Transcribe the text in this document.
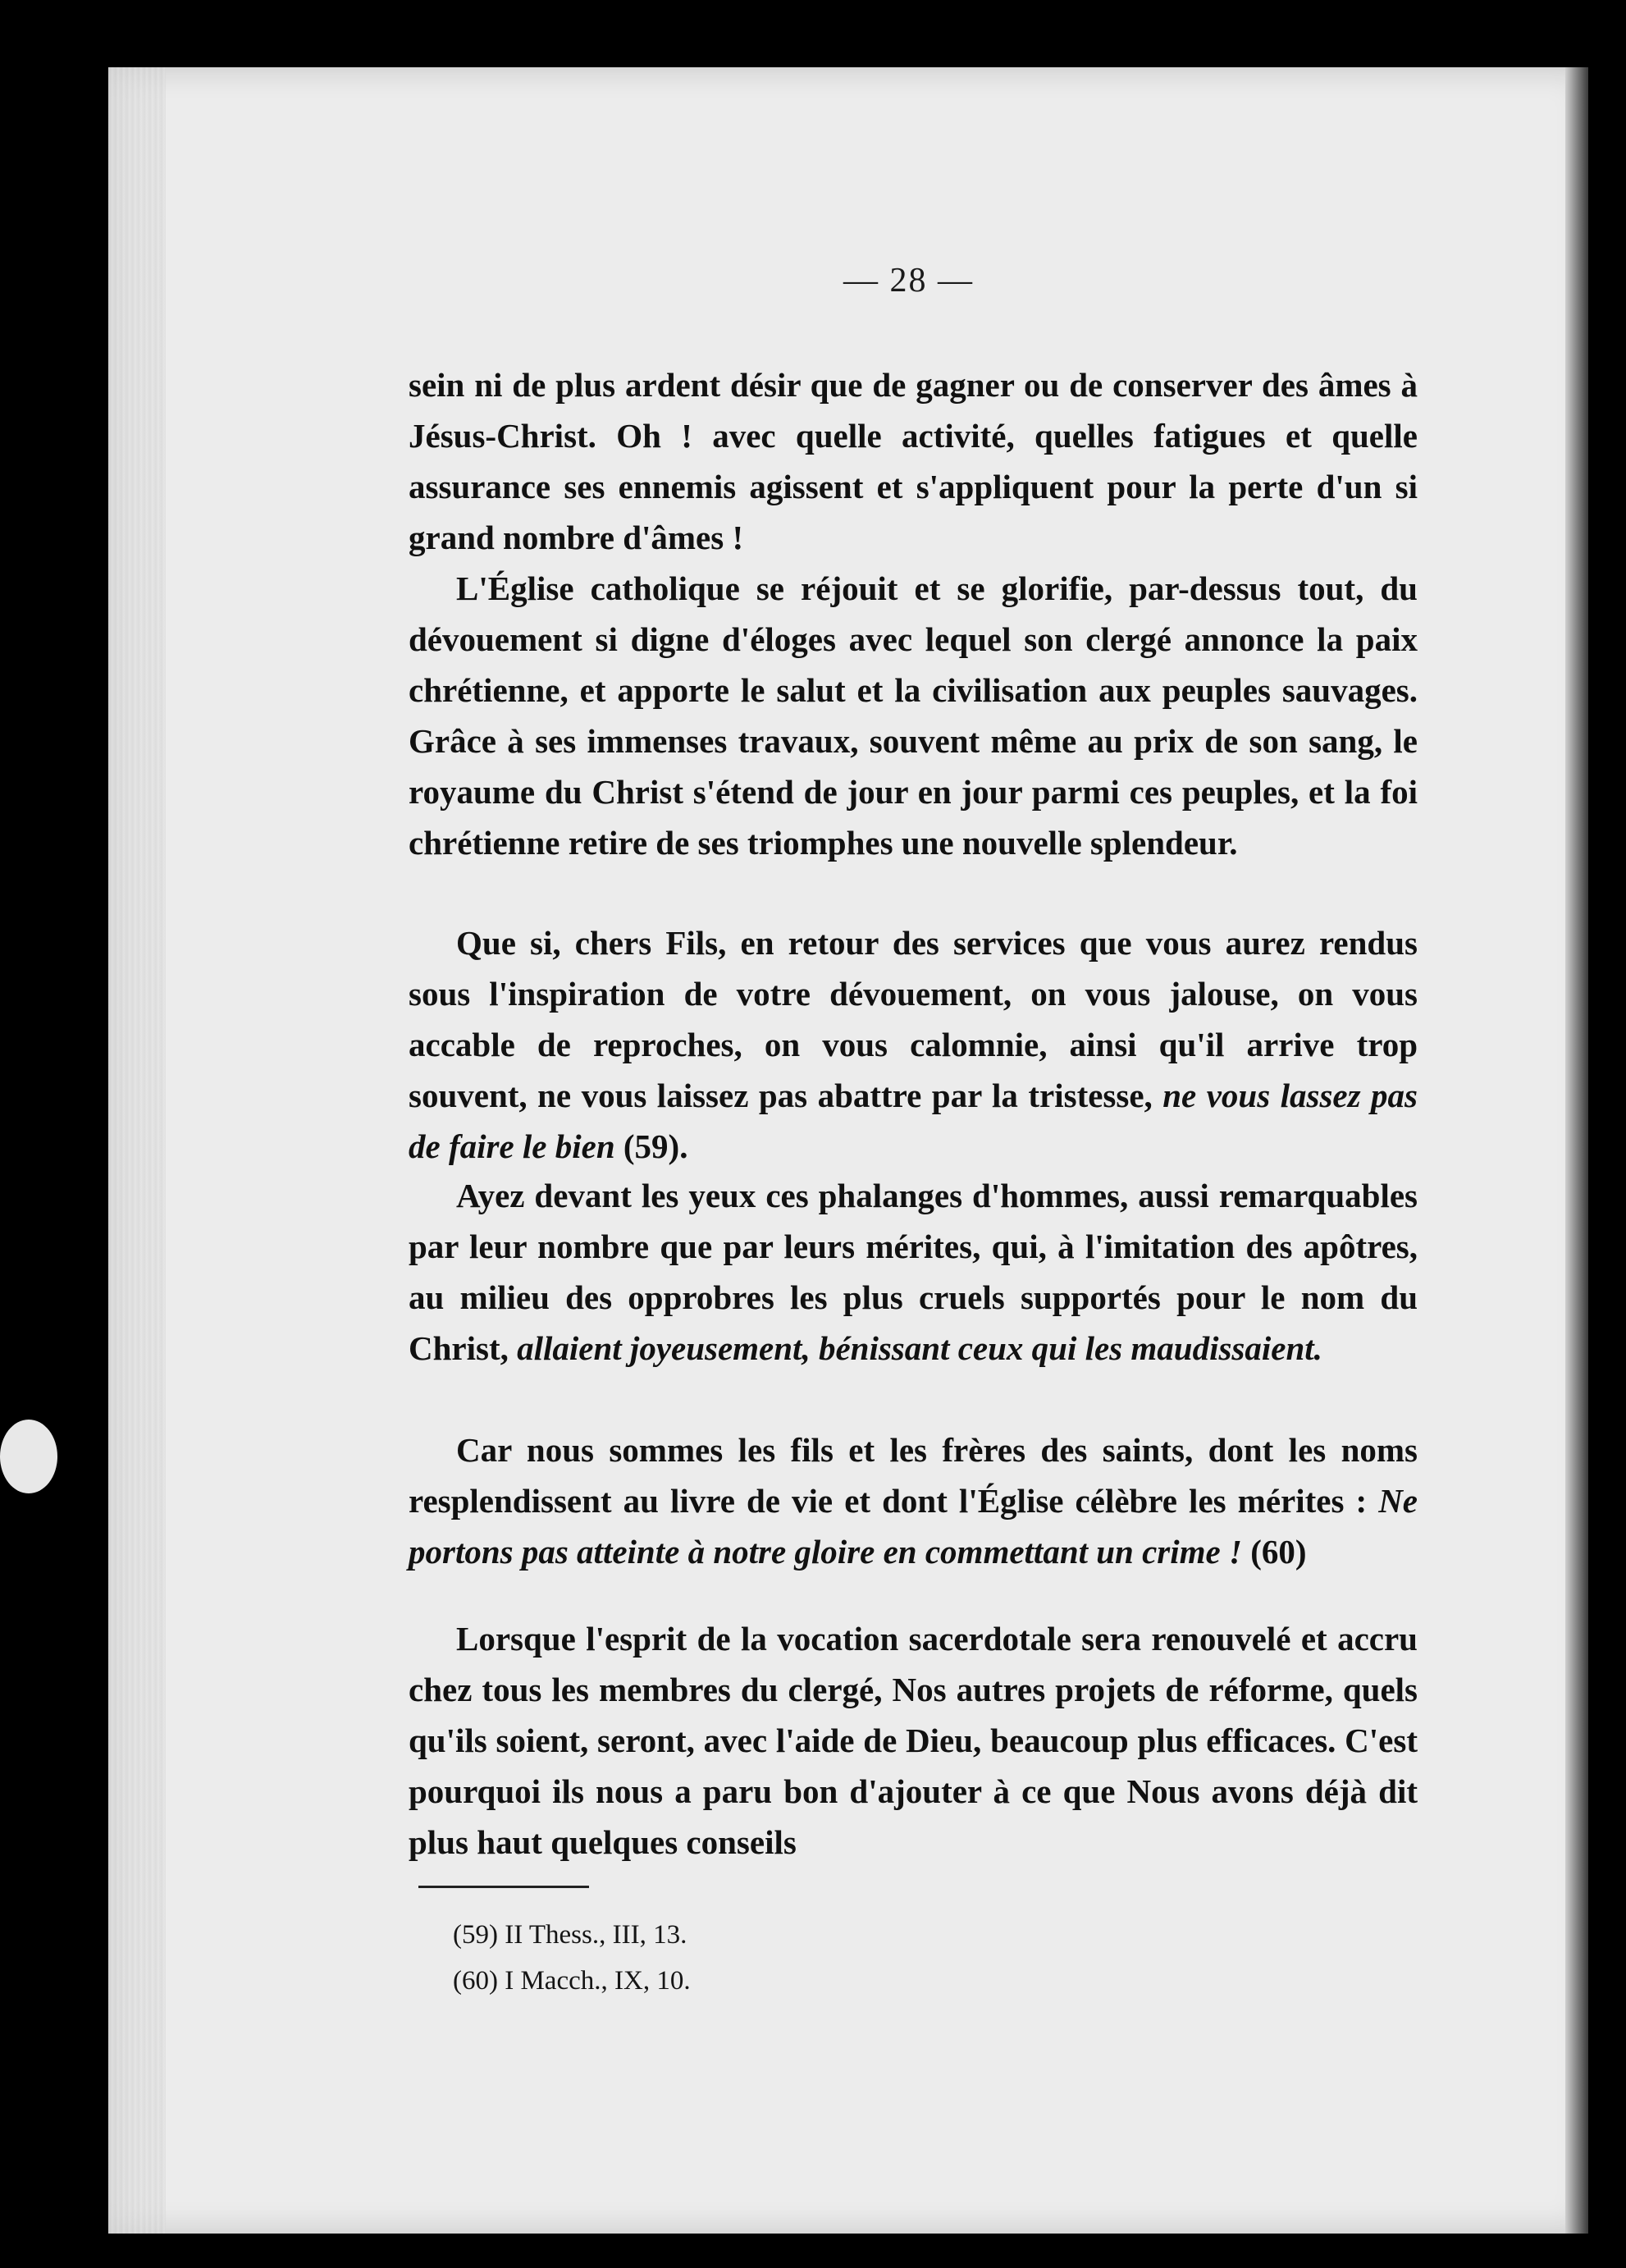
— 28 —
sein ni de plus ardent désir que de gagner ou de conserver des âmes à Jésus-Christ. Oh ! avec quelle activité, quelles fatigues et quelle assurance ses ennemis agissent et s'appliquent pour la perte d'un si grand nombre d'âmes !
L'Église catholique se réjouit et se glorifie, par-dessus tout, du dévouement si digne d'éloges avec lequel son clergé annonce la paix chrétienne, et apporte le salut et la civilisation aux peuples sauvages. Grâce à ses immenses travaux, souvent même au prix de son sang, le royaume du Christ s'étend de jour en jour parmi ces peuples, et la foi chrétienne retire de ses triomphes une nouvelle splendeur.
Que si, chers Fils, en retour des services que vous aurez rendus sous l'inspiration de votre dévouement, on vous jalouse, on vous accable de reproches, on vous calomnie, ainsi qu'il arrive trop souvent, ne vous laissez pas abattre par la tristesse, ne vous lassez pas de faire le bien (59).
Ayez devant les yeux ces phalanges d'hommes, aussi remarquables par leur nombre que par leurs mérites, qui, à l'imitation des apôtres, au milieu des opprobres les plus cruels supportés pour le nom du Christ, allaient joyeusement, bénissant ceux qui les maudissaient.
Car nous sommes les fils et les frères des saints, dont les noms resplendissent au livre de vie et dont l'Église célèbre les mérites : Ne portons pas atteinte à notre gloire en commettant un crime ! (60)
Lorsque l'esprit de la vocation sacerdotale sera renouvelé et accru chez tous les membres du clergé, Nos autres projets de réforme, quels qu'ils soient, seront, avec l'aide de Dieu, beaucoup plus efficaces. C'est pourquoi ils nous a paru bon d'ajouter à ce que Nous avons déjà dit plus haut quelques conseils
(59) II Thess., III, 13.
(60) I Macch., IX, 10.
